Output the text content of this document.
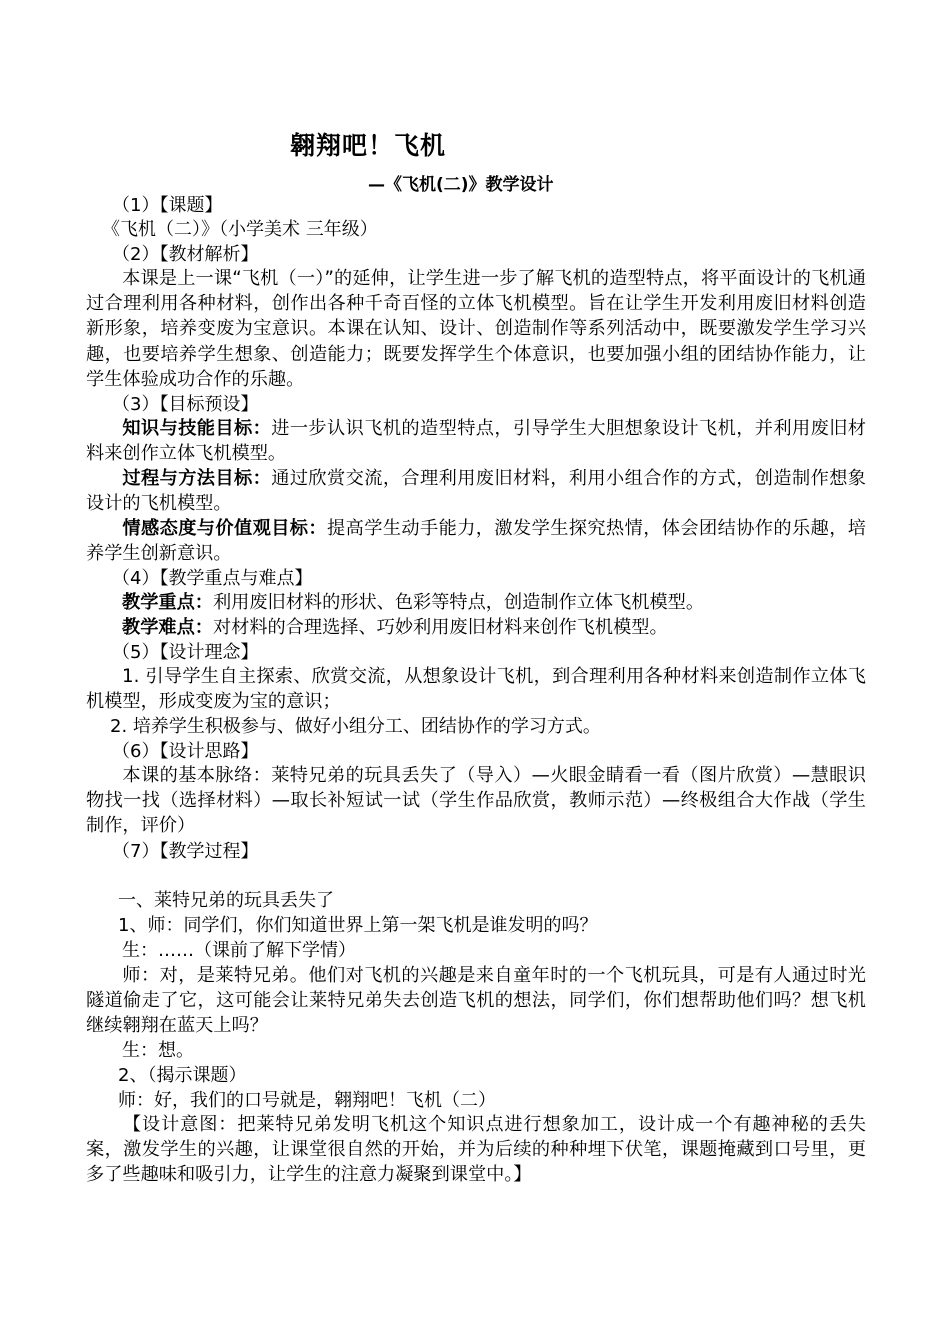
翱翔吧！飞机
—《飞机(二)》教学设计
（1）【课题】
《飞机（二）》（小学美术 三年级）
（2）【教材解析】
本课是上一课“飞机（一）”的延伸，让学生进一步了解飞机的造型特点，将平面设计的飞机通过合理利用各种材料，创作出各种千奇百怪的立体飞机模型。旨在让学生开发利用废旧材料创造新形象，培养变废为宝意识。本课在认知、设计、创造制作等系列活动中，既要激发学生学习兴趣，也要培养学生想象、创造能力；既要发挥学生个体意识，也要加强小组的团结协作能力，让学生体验成功合作的乐趣。
（3）【目标预设】
知识与技能目标：进一步认识飞机的造型特点，引导学生大胆想象设计飞机，并利用废旧材料来创作立体飞机模型。
过程与方法目标：通过欣赏交流，合理利用废旧材料，利用小组合作的方式，创造制作想象设计的飞机模型。
情感态度与价值观目标：提高学生动手能力，激发学生探究热情，体会团结协作的乐趣，培养学生创新意识。
（4）【教学重点与难点】
教学重点：利用废旧材料的形状、色彩等特点，创造制作立体飞机模型。
教学难点：对材料的合理选择、巧妙利用废旧材料来创作飞机模型。
（5）【设计理念】
1. 引导学生自主探索、欣赏交流，从想象设计飞机，到合理利用各种材料来创造制作立体飞机模型，形成变废为宝的意识；
2. 培养学生积极参与、做好小组分工、团结协作的学习方式。
（6）【设计思路】
本课的基本脉络：莱特兄弟的玩具丢失了（导入）—火眼金睛看一看（图片欣赏）—慧眼识物找一找（选择材料）—取长补短试一试（学生作品欣赏，教师示范）—终极组合大作战（学生制作，评价）
（7）【教学过程】
一、莱特兄弟的玩具丢失了
1、师：同学们，你们知道世界上第一架飞机是谁发明的吗？
生：……（课前了解下学情）
师：对，是莱特兄弟。他们对飞机的兴趣是来自童年时的一个飞机玩具，可是有人通过时光隧道偷走了它，这可能会让莱特兄弟失去创造飞机的想法，同学们，你们想帮助他们吗？想飞机继续翱翔在蓝天上吗？
生：想。
2、（揭示课题）
师：好，我们的口号就是，翱翔吧！飞机（二）
【设计意图：把莱特兄弟发明飞机这个知识点进行想象加工，设计成一个有趣神秘的丢失案，激发学生的兴趣，让课堂很自然的开始，并为后续的种种埋下伏笔，课题掩藏到口号里，更多了些趣味和吸引力，让学生的注意力凝聚到课堂中。】
